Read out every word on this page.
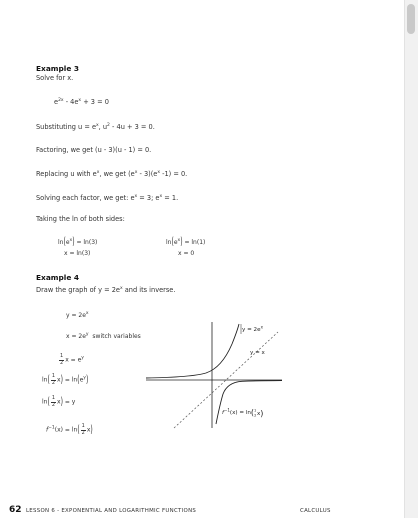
Example 3
Solve for x.
$e^{2x} - 4e^x + 3 = 0$
Substituting $u = e^x$, $u^2 - 4u + 3 = 0$.
Factoring, we get (u - 3)(u - 1) = 0.
Replacing u with $e^x$, we get $(e^x - 3)(e^x$ -1) = 0.
Solving each factor, we get: $e^x = 3$; $e^x = 1$.
Taking the ln of both sides:
$\ln(e^x) = \ln(3)$
x = ln(3)
$\ln(e^x) = \ln(1)$
x = 0
Example 4
Draw the graph of $y = 2e^x$ and its inverse.
$y = 2e^x$
$x = 2e^y$ switch variables
$\frac{1}{2}$ $x = e^y$
$\ln( \frac{1}{2} x) = \ln(e^y)$
$\ln( \frac{1}{2} x) = y$
$f^{-1}(x) = \ln( \frac{1}{2} x)$
$y = 2e^x$
y = x
$f^{-1}(x) = \ln(^1$ 2x)
62 LESSON 6 - EXPONENTIAL AND LOGARITHMIC FUNCTIONS	CALCULUS
